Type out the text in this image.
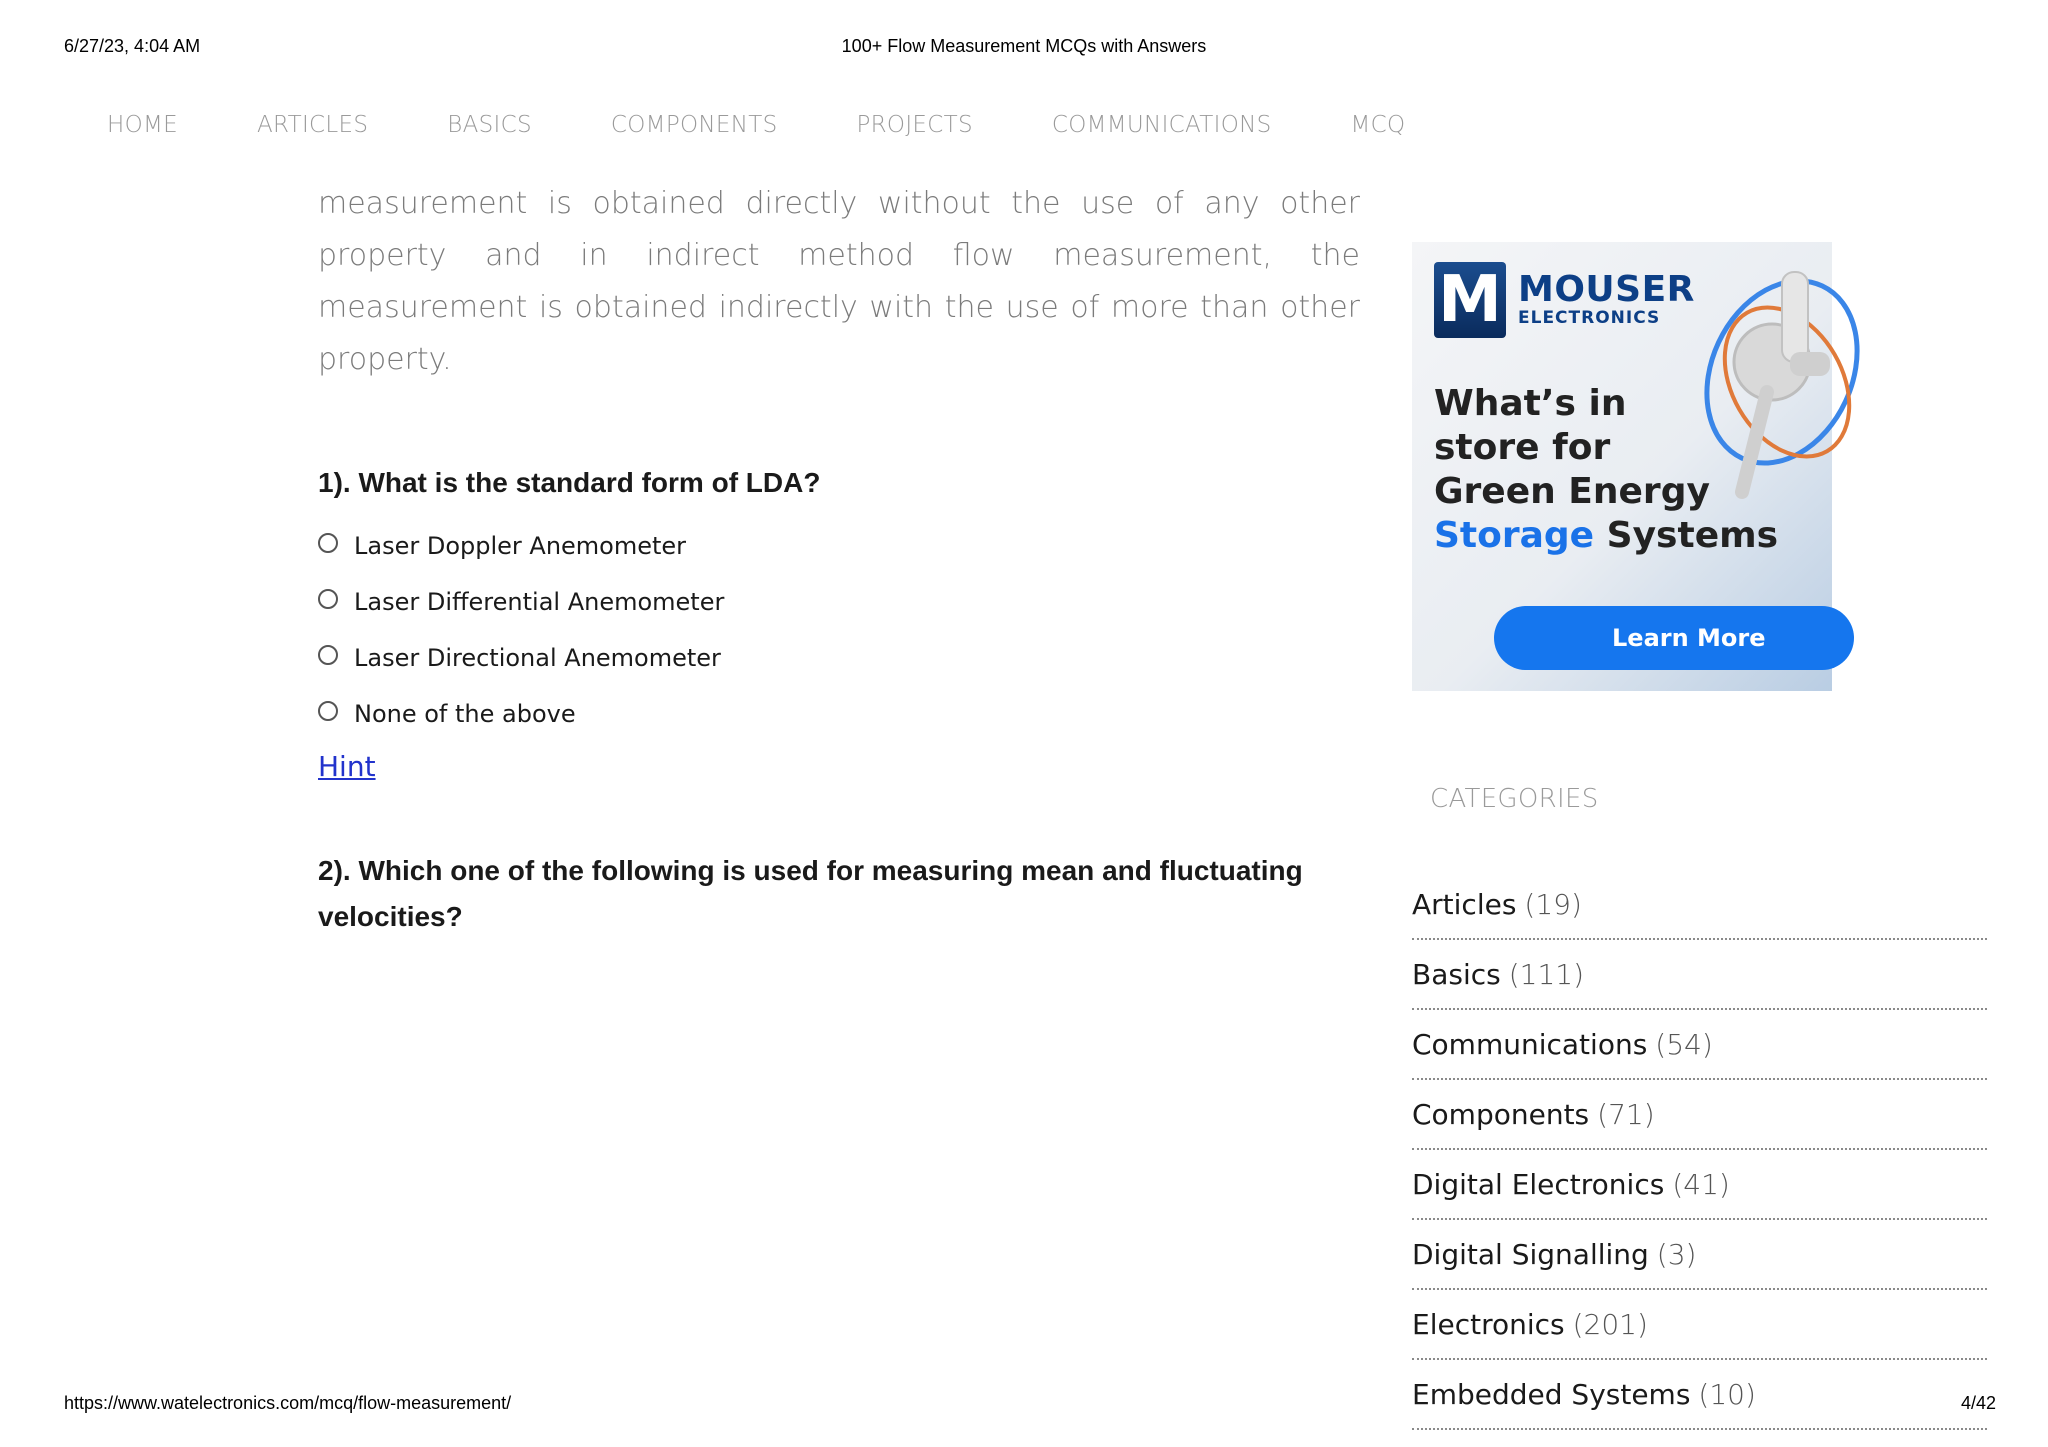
6/27/23, 4:04 AM	100+ Flow Measurement MCQs with Answers
HOME	ARTICLES	BASICS	COMPONENTS	PROJECTS	COMMUNICATIONS	MCQ

measurement is obtained directly without the use of any other property and in indirect method flow measurement, the measurement is obtained indirectly with the use of more than other property.

1). What is the standard form of LDA?
Laser Doppler Anemometer
Laser Differential Anemometer
Laser Directional Anemometer
None of the above
Hint
2). Which one of the following is used for measuring mean and fluctuating velocities?
M MOUSER
ELECTRONICS
What’s in
store for
Green Energy
Storage Systems
Learn More
CATEGORIES
Articles (19)
Basics (111)
Communications (54)
Components (71)
Digital Electronics (41)
Digital Signalling (3)
Electronics (201)
Embedded Systems (10)
https://www.watelectronics.com/mcq/flow-measurement/	4/42
